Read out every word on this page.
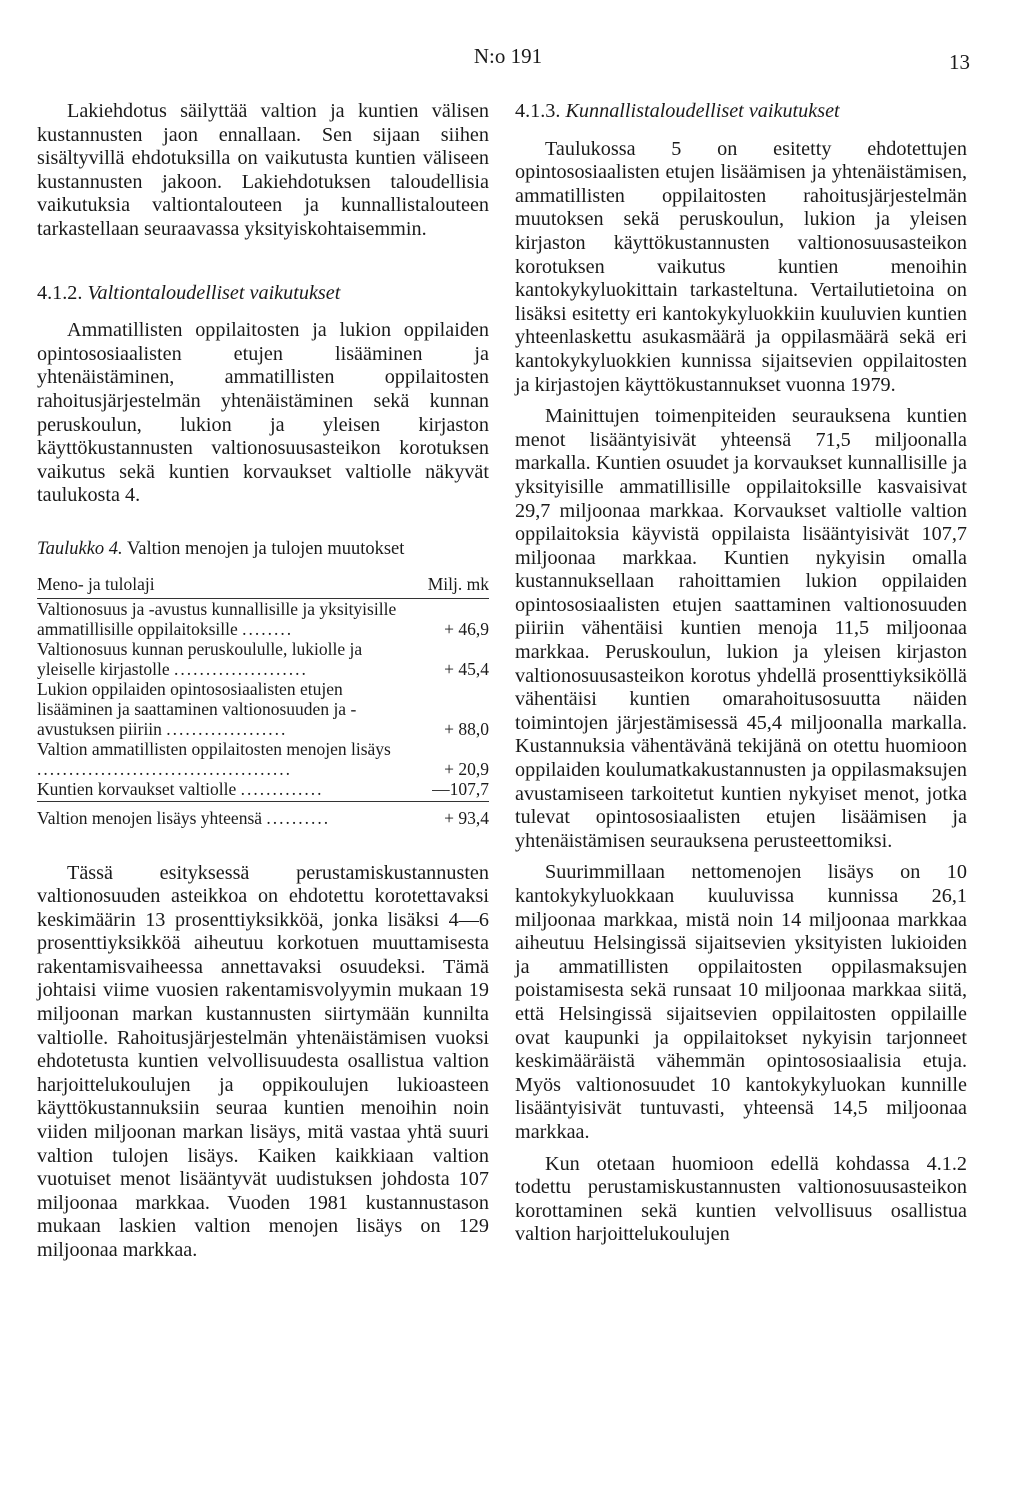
N:o 191	13

Lakiehdotus säilyttää valtion ja kuntien välisen kustannusten jaon ennallaan. Sen sijaan siihen sisältyvillä ehdotuksilla on vaikutusta kuntien väliseen kustannusten jakoon. Lakiehdotuksen taloudellisia vaikutuksia valtiontalouteen ja kunnallistalouteen tarkastellaan seuraavassa yksityiskohtaisemmin.

4.1.2. Valtiontaloudelliset vaikutukset

Ammatillisten oppilaitosten ja lukion oppilaiden opintososiaalisten etujen lisääminen ja yhtenäistäminen, ammatillisten oppilaitosten rahoitusjärjestelmän yhtenäistäminen sekä kunnan peruskoulun, lukion ja yleisen kirjaston käyttökustannusten valtionosuusasteikon korotuksen vaikutus sekä kuntien korvaukset valtiolle näkyvät taulukosta 4.

Taulukko 4. Valtion menojen ja tulojen muutokset

Meno- ja tulolaji	Milj. mk
Valtionosuus ja -avustus kunnallisille ja yksityisille ammatillisille oppilaitoksille ........	+ 46,9
Valtionosuus kunnan peruskoululle, lukiolle ja yleiselle kirjastolle .....................	+ 45,4
Lukion oppilaiden opintososiaalisten etujen lisääminen ja saattaminen valtionosuuden ja -avustuksen piiriin ...................	+ 88,0
Valtion ammatillisten oppilaitosten menojen lisäys ........................................	+ 20,9
Kuntien korvaukset valtiolle .............	—107,7
Valtion menojen lisäys yhteensä ..........	+ 93,4

Tässä esityksessä perustamiskustannusten valtionosuuden asteikkoa on ehdotettu korotettavaksi keskimäärin 13 prosenttiyksikköä, jonka lisäksi 4—6 prosenttiyksikköä aiheutuu korkotuen muuttamisesta rakentamisvaiheessa annettavaksi osuudeksi. Tämä johtaisi viime vuosien rakentamisvolyymin mukaan 19 miljoonan markan kustannusten siirtymään kunnilta valtiolle. Rahoitusjärjestelmän yhtenäistämisen vuoksi ehdotetusta kuntien velvollisuudesta osallistua valtion harjoittelukoulujen ja oppikoulujen lukioasteen käyttökustannuksiin seuraa kuntien menoihin noin viiden miljoonan markan lisäys, mitä vastaa yhtä suuri valtion tulojen lisäys. Kaiken kaikkiaan valtion vuotuiset menot lisääntyvät uudistuksen johdosta 107 miljoonaa markkaa. Vuoden 1981 kustannustason mukaan laskien valtion menojen lisäys on 129 miljoonaa markkaa.

4.1.3. Kunnallistaloudelliset vaikutukset

Taulukossa 5 on esitetty ehdotettujen opintososiaalisten etujen lisäämisen ja yhtenäistämisen, ammatillisten oppilaitosten rahoitusjärjestelmän muutoksen sekä peruskoulun, lukion ja yleisen kirjaston käyttökustannusten valtionosuusasteikon korotuksen vaikutus kuntien menoihin kantokykyluokittain tarkasteltuna. Vertailutietoina on lisäksi esitetty eri kantokykyluokkiin kuuluvien kuntien yhteenlaskettu asukasmäärä ja oppilasmäärä sekä eri kantokykyluokkien kunnissa sijaitsevien oppilaitosten ja kirjastojen käyttökustannukset vuonna 1979.

Mainittujen toimenpiteiden seurauksena kuntien menot lisääntyisivät yhteensä 71,5 miljoonalla markalla. Kuntien osuudet ja korvaukset kunnallisille ja yksityisille ammatillisille oppilaitoksille kasvaisivat 29,7 miljoonaa markkaa. Korvaukset valtiolle valtion oppilaitoksia käyvistä oppilaista lisääntyisivät 107,7 miljoonaa markkaa. Kuntien nykyisin omalla kustannuksellaan rahoittamien lukion oppilaiden opintososiaalisten etujen saattaminen valtionosuuden piiriin vähentäisi kuntien menoja 11,5 miljoonaa markkaa. Peruskoulun, lukion ja yleisen kirjaston valtionosuusasteikon korotus yhdellä prosenttiyksiköllä vähentäisi kuntien omarahoitusosuutta näiden toimintojen järjestämisessä 45,4 miljoonalla markalla. Kustannuksia vähentävänä tekijänä on otettu huomioon oppilaiden koulumatkakustannusten ja oppilasmaksujen avustamiseen tarkoitetut kuntien nykyiset menot, jotka tulevat opintososiaalisten etujen lisäämisen ja yhtenäistämisen seurauksena perusteettomiksi.

Suurimmillaan nettomenojen lisäys on 10 kantokykyluokkaan kuuluvissa kunnissa 26,1 miljoonaa markkaa, mistä noin 14 miljoonaa markkaa aiheutuu Helsingissä sijaitsevien yksityisten lukioiden ja ammatillisten oppilaitosten oppilasmaksujen poistamisesta sekä runsaat 10 miljoonaa markkaa siitä, että Helsingissä sijaitsevien oppilaitosten oppilaille ovat kaupunki ja oppilaitokset nykyisin tarjonneet keskimääräistä vähemmän opintososiaalisia etuja. Myös valtionosuudet 10 kantokykyluokan kunnille lisääntyisivät tuntuvasti, yhteensä 14,5 miljoonaa markkaa.

Kun otetaan huomioon edellä kohdassa 4.1.2 todettu perustamiskustannusten valtionosuusasteikon korottaminen sekä kuntien velvollisuus osallistua valtion harjoittelukoulujen
